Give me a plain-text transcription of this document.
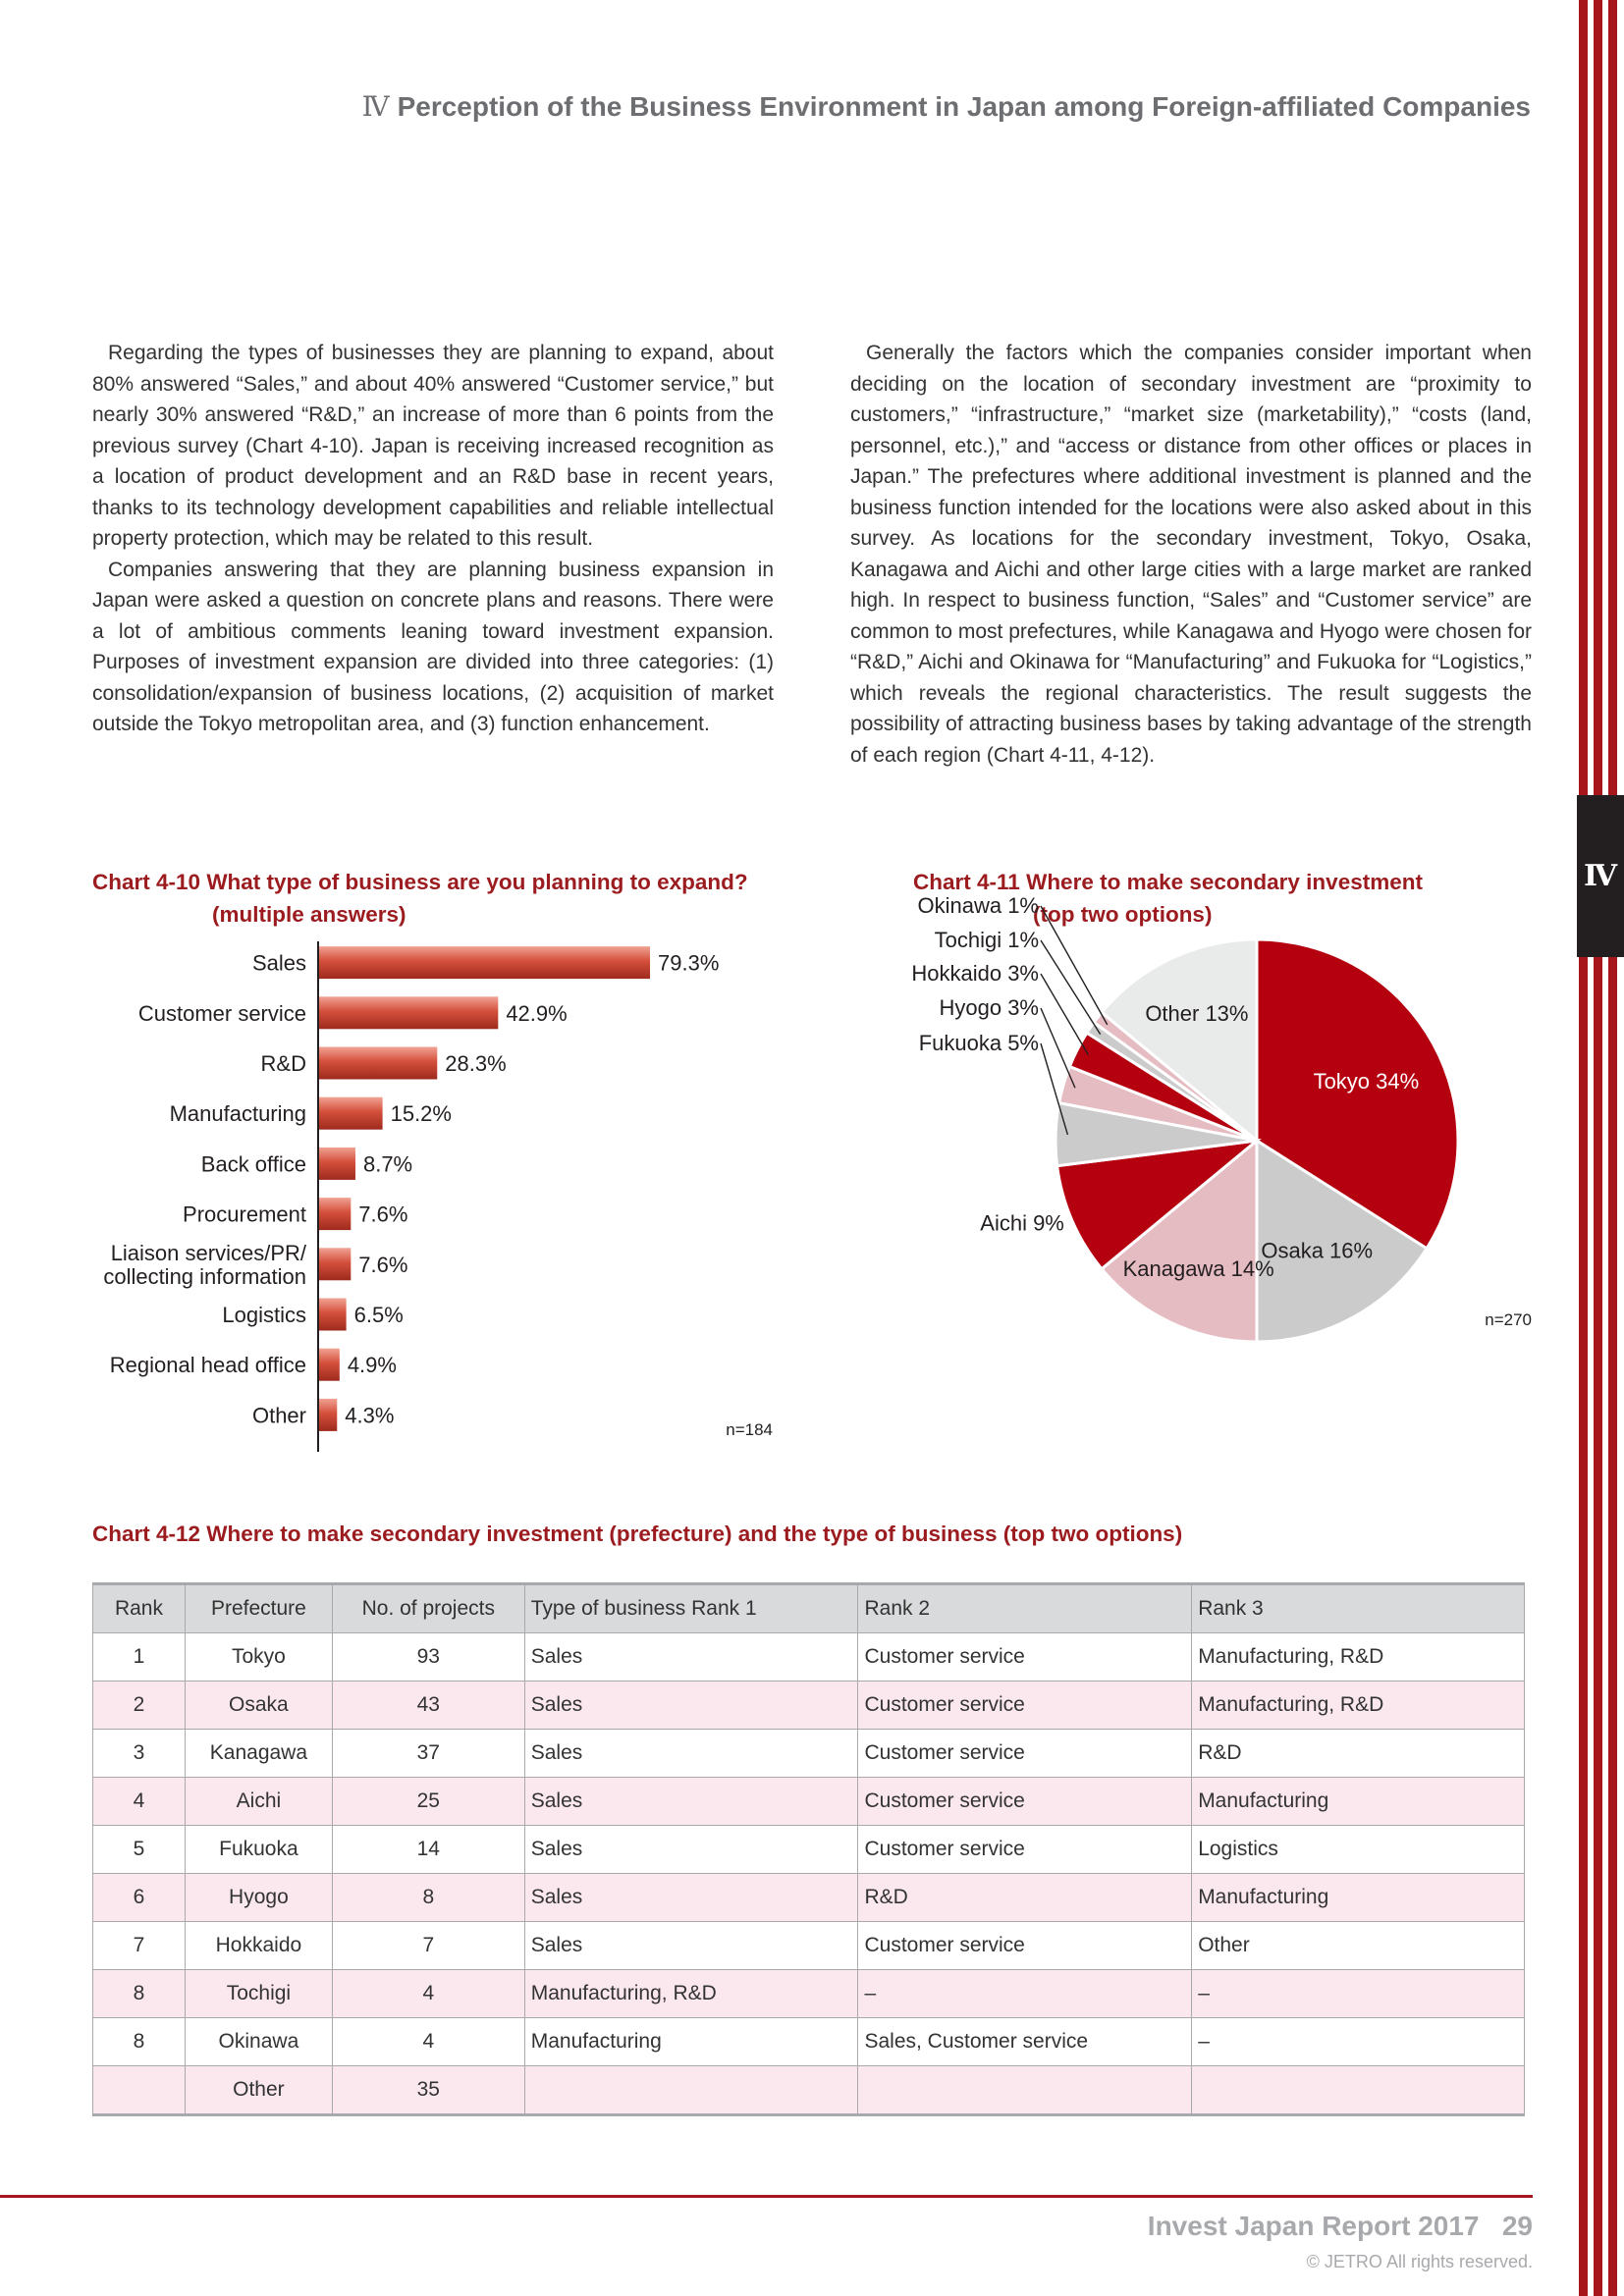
Ⅳ
Ⅳ Perception of the Business Environment in Japan among Foreign-affiliated Companies

Regarding the types of businesses they are planning to expand, about 80% answered “Sales,” and about 40% answered “Customer service,” but nearly 30% answered “R&D,” an increase of more than 6 points from the previous survey (Chart 4-10). Japan is receiving increased recognition as a location of product development and an R&D base in recent years, thanks to its technology development capabilities and reliable intellectual property protection, which may be related to this result.

Companies answering that they are planning business expansion in Japan were asked a question on concrete plans and reasons. There were a lot of ambitious comments leaning toward investment expansion. Purposes of investment expansion are divided into three categories: (1) consolidation/expansion of business locations, (2) acquisition of market outside the Tokyo metropolitan area, and (3) function enhancement.

Generally the factors which the companies consider important when deciding on the location of secondary investment are “proximity to customers,” “infrastructure,” “market size (marketability),” “costs (land, personnel, etc.),” and “access or distance from other offices or places in Japan.” The prefectures where additional investment is planned and the business function intended for the locations were also asked about in this survey. As locations for the secondary investment, Tokyo, Osaka, Kanagawa and Aichi and other large cities with a large market are ranked high. In respect to business function, “Sales” and “Customer service” are common to most prefectures, while Kanagawa and Hyogo were chosen for “R&D,” Aichi and Okinawa for “Manufacturing” and Fukuoka for “Logistics,” which reveals the regional characteristics. The result suggests the possibility of attracting business bases by taking advantage of the strength of each region (Chart 4-11, 4-12).

Chart 4-10 What type of business are you planning to expand?
(multiple answers)
79.3%
Sales
42.9%
Customer service
28.3%
R&D
15.2%
Manufacturing
8.7%
Back office
7.6%
Procurement
7.6%
Liaison services/PR/
collecting information
6.5%
Logistics
4.9%
Regional head office
4.3%
Other
n=184
Chart 4-11 Where to make secondary investment
(top two options)
Tokyo 34%
Osaka 16%
Kanagawa 14%
Aichi 9%
Other 13%
Fukuoka 5%
Hyogo 3%
Hokkaido 3%
Tochigi 1%
Okinawa 1%
n=270
Chart 4-12 Where to make secondary investment (prefecture) and the type of business (top two options)
Rank	Prefecture	No. of projects	Type of business Rank 1	Rank 2	Rank 3
1	Tokyo	93	Sales	Customer service	Manufacturing, R&D
2	Osaka	43	Sales	Customer service	Manufacturing, R&D
3	Kanagawa	37	Sales	Customer service	R&D
4	Aichi	25	Sales	Customer service	Manufacturing
5	Fukuoka	14	Sales	Customer service	Logistics
6	Hyogo	8	Sales	R&D	Manufacturing
7	Hokkaido	7	Sales	Customer service	Other
8	Tochigi	4	Manufacturing, R&D	–	–
8	Okinawa	4	Manufacturing	Sales, Customer service	–
	Other	35			
Invest Japan Report 2017 29
© JETRO All rights reserved.
